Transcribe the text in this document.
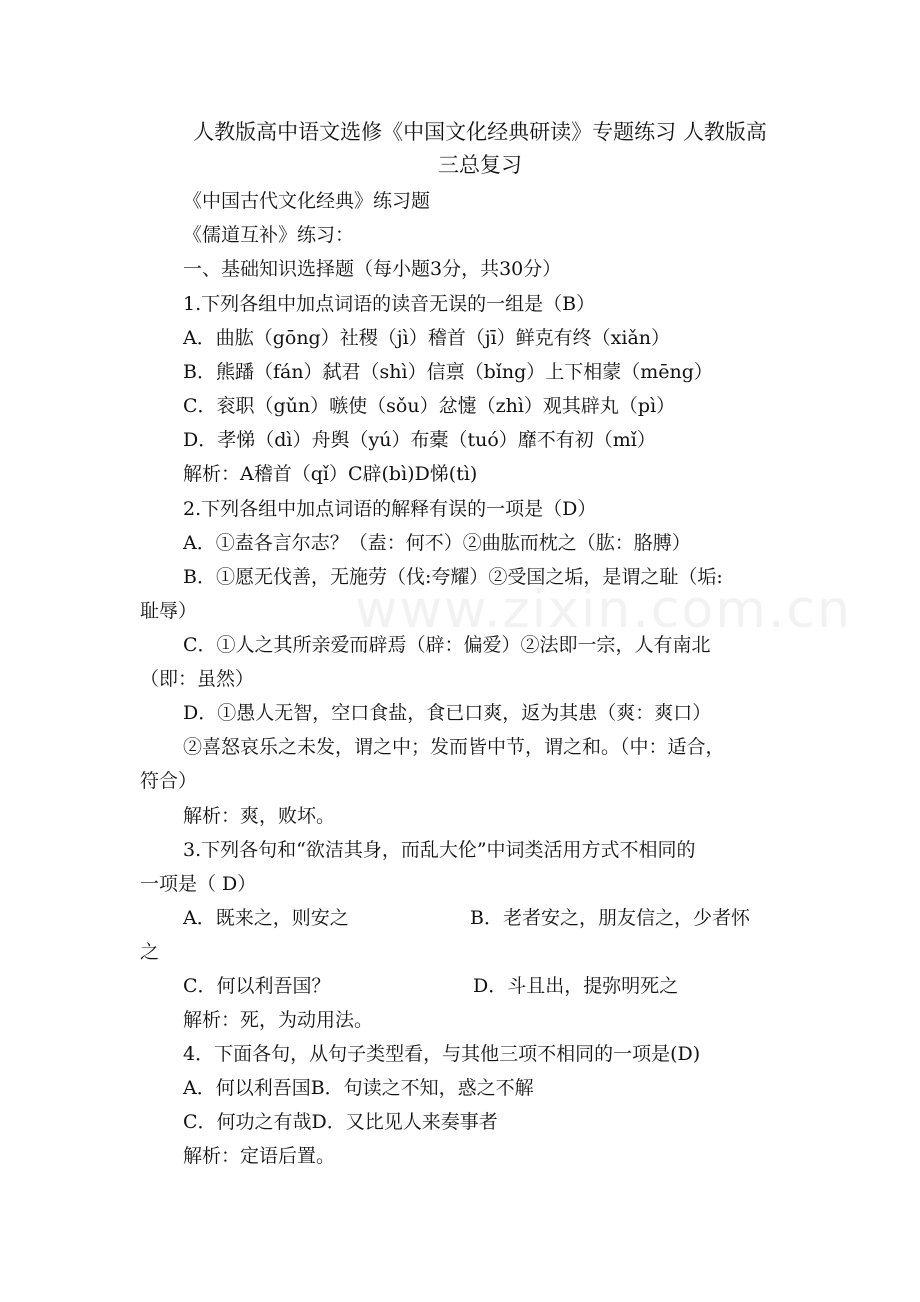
人教版高中语文选修《中国文化经典研读》专题练习 人教版高
三总复习
www.zixin.com.cn
《中国古代文化经典》练习题
《儒道互补》练习：
一、基础知识选择题（每小题3分，共30分）
1.下列各组中加点词语的读音无误的一组是（B）
A．曲肱（gōng）社稷（jì）稽首（jī）鲜克有终（xiǎn）
B．熊蹯（fán）弑君（shì）信禀（bǐng）上下相蒙（mēng）
C．衮职（gǔn）嗾使（sǒu）忿懥（zhì）观其辟丸（pì）
D．孝悌（dì）舟舆（yú）布橐（tuó）靡不有初（mǐ）
解析：A稽首（qǐ）C辟(bì)D悌(tì)
2.下列各组中加点词语的解释有误的一项是（D）
A．①盍各言尔志？（盍：何不）②曲肱而枕之（肱：胳膊）
B．①愿无伐善，无施劳（伐:夸耀）②受国之垢，是谓之耻（垢:
耻辱）
C．①人之其所亲爱而辟焉（辟：偏爱）②法即一宗，人有南北
（即：虽然）
D．①愚人无智，空口食盐，食已口爽，返为其患（爽：爽口）
②喜怒哀乐之未发，谓之中；发而皆中节，谓之和。（中：适合，
符合）
解析：爽，败坏。
3.下列各句和“欲洁其身，而乱大伦”中词类活用方式不相同的
一项是（ D）
A．既来之，则安之	B．老者安之，朋友信之，少者怀
之
C．何以利吾国？	D．斗且出，提弥明死之
解析：死，为动用法。
4．下面各句，从句子类型看，与其他三项不相同的一项是(D)
A．何以利吾国B．句读之不知，惑之不解
C．何功之有哉D．又比见人来奏事者
解析：定语后置。
